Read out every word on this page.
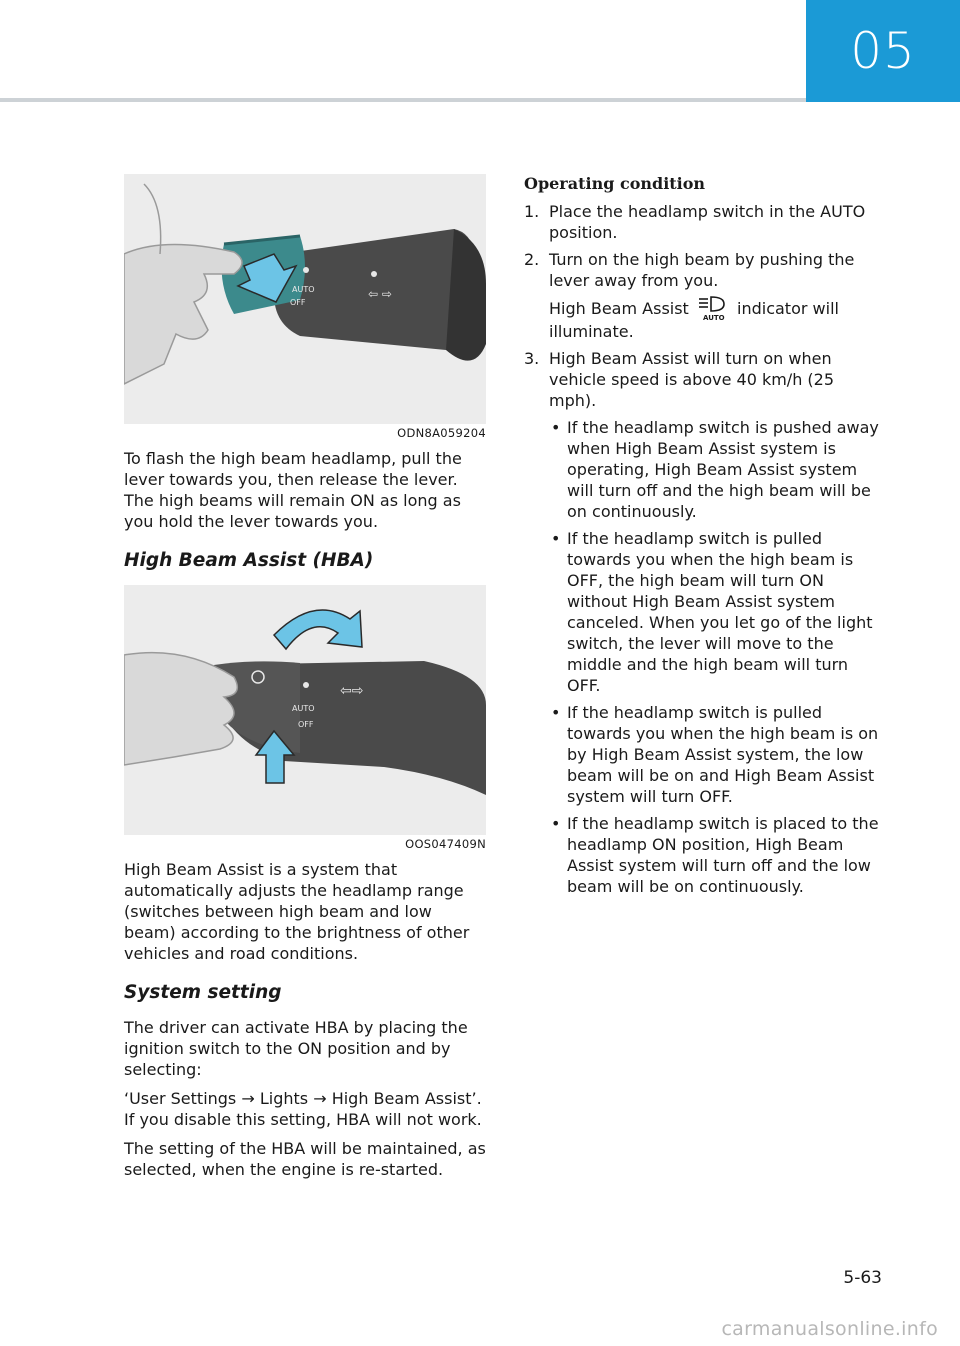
05
AUTO
OFF
⇦ ⇨
ODN8A059204

To flash the high beam headlamp, pull the lever towards you, then release the lever. The high beams will remain ON as long as you hold the lever towards you.

High Beam Assist (HBA)
AUTO
OFF
⇦⇨
OOS047409N

High Beam Assist is a system that automatically adjusts the headlamp range (switches between high beam and low beam) according to the brightness of other vehicles and road conditions.

System setting

The driver can activate HBA by placing the ignition switch to the ON position and by selecting:

‘User Settings → Lights → High Beam Assist’. If you disable this setting, HBA will not work.

The setting of the HBA will be maintained, as selected, when the engine is re-started.

Operating condition
1. Place the headlamp switch in the AUTO position.
2. Turn on the high beam by pushing the lever away from you.

High Beam Assist AUTO indicator will illuminate.

3. High Beam Assist will turn on when vehicle speed is above 40 km/h (25 mph).
• If the headlamp switch is pushed away when High Beam Assist system is operating, High Beam Assist system will turn off and the high beam will be on continuously.
• If the headlamp switch is pulled towards you when the high beam is OFF, the high beam will turn ON without High Beam Assist system canceled. When you let go of the light switch, the lever will move to the middle and the high beam will turn OFF.
• If the headlamp switch is pulled towards you when the high beam is on by High Beam Assist system, the low beam will be on and High Beam Assist system will turn OFF.
• If the headlamp switch is placed to the headlamp ON position, High Beam Assist system will turn off and the low beam will be on continuously.
5-63
carmanualsonline.info
